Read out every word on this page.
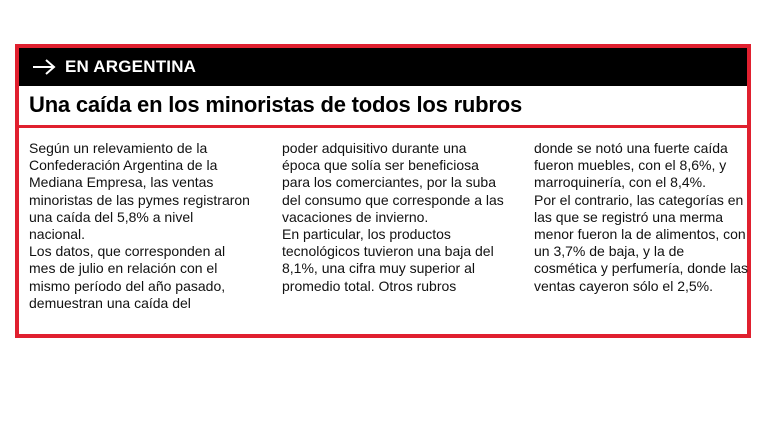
EN ARGENTINA
Una caída en los minoristas de todos los rubros

Según un relevamiento de la Confederación Argentina de la Mediana Empresa, las ventas minoristas de las pymes registraron una caída del 5,8% a nivel nacional.

Los datos, que corresponden al mes de julio en relación con el mismo período del año pasado, demuestran una caída del

poder adquisitivo durante una época que solía ser beneficiosa para los comerciantes, por la suba del consumo que corresponde a las vacaciones de invierno.

En particular, los productos tecnológicos tuvieron una baja del 8,1%, una cifra muy superior al promedio total. Otros rubros

donde se notó una fuerte caída fueron muebles, con el 8,6%, y marroquinería, con el 8,4%.

Por el contrario, las categorías en las que se registró una merma menor fueron la de alimentos, con un 3,7% de baja, y la de cosmética y perfumería, donde las ventas cayeron sólo el 2,5%.
